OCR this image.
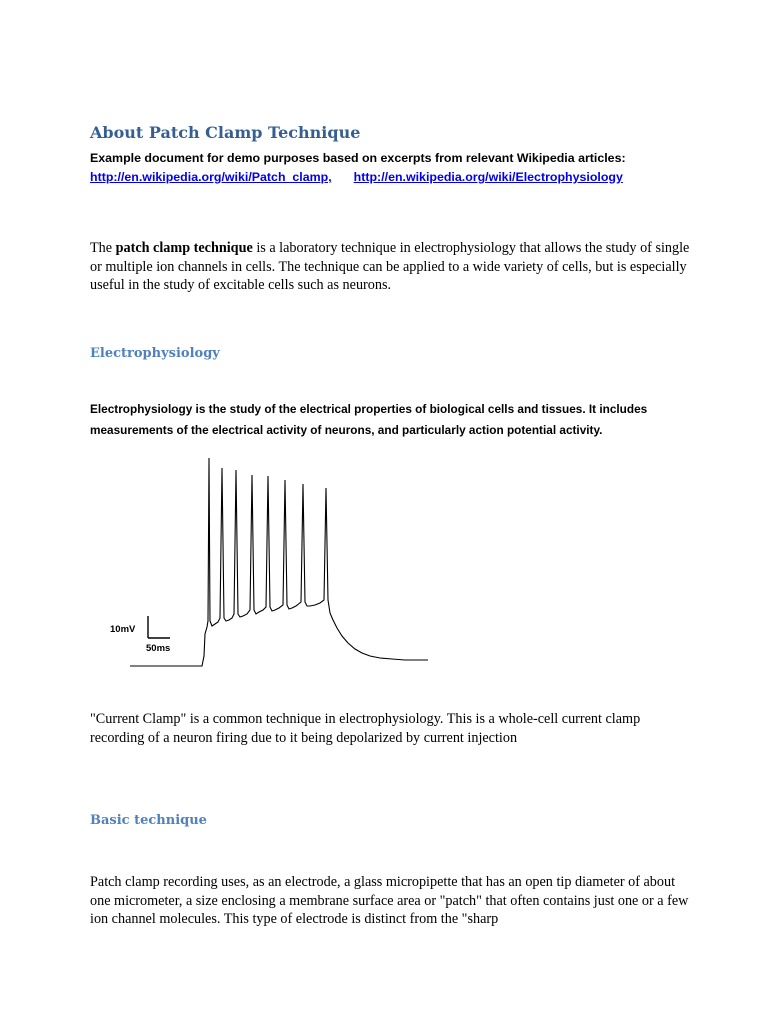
About Patch Clamp Technique
Example document for demo purposes based on excerpts from relevant Wikipedia articles:
http://en.wikipedia.org/wiki/Patch_clamp, http://en.wikipedia.org/wiki/Electrophysiology

The patch clamp technique is a laboratory technique in electrophysiology that allows the study of single or multiple ion channels in cells. The technique can be applied to a wide variety of cells, but is especially useful in the study of excitable cells such as neurons.

Electrophysiology

Electrophysiology is the study of the electrical properties of biological cells and tissues. It includes measurements of the electrical activity of neurons, and particularly action potential activity.

10mV
50ms

"Current Clamp" is a common technique in electrophysiology. This is a whole-cell current clamp recording of a neuron firing due to it being depolarized by current injection

Basic technique

Patch clamp recording uses, as an electrode, a glass micropipette that has an open tip diameter of about one micrometer, a size enclosing a membrane surface area or "patch" that often contains just one or a few ion channel molecules. This type of electrode is distinct from the "sharp
